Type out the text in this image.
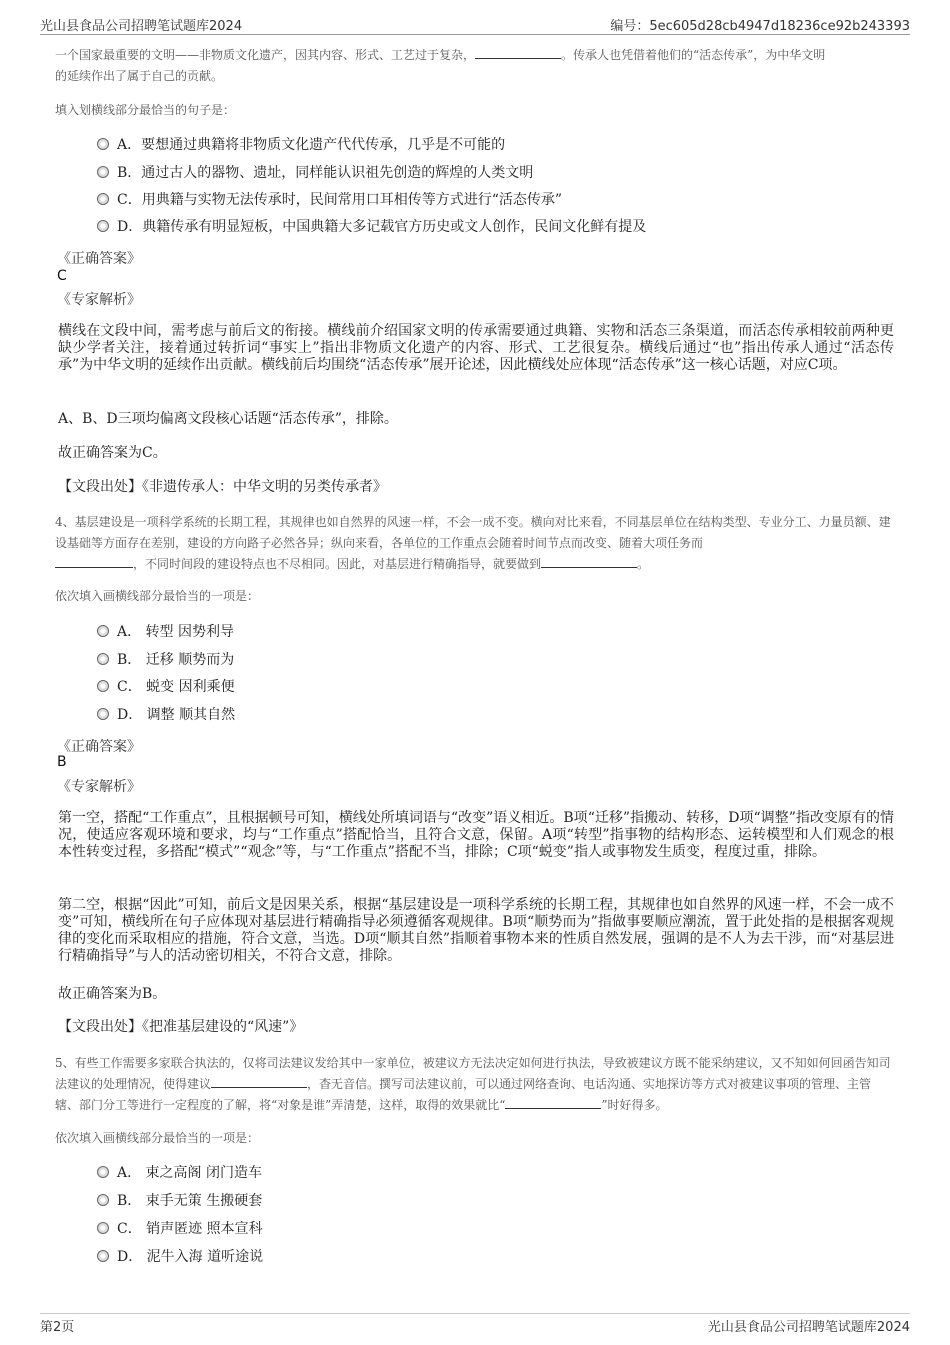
光山县食品公司招聘笔试题库2024	编号：5ec605d28cb4947d18236ce92b243393
一个国家最重要的文明——非物质文化遗产，因其内容、形式、工艺过于复杂，	。传承人也凭借着他们的“活态传承”，为中华文明
的延续作出了属于自己的贡献。
填入划横线部分最恰当的句子是：
A．要想通过典籍将非物质文化遗产代代传承，几乎是不可能的
B．通过古人的器物、遗址，同样能认识祖先创造的辉煌的人类文明
C．用典籍与实物无法传承时，民间常用口耳相传等方式进行“活态传承”
D．典籍传承有明显短板，中国典籍大多记载官方历史或文人创作，民间文化鲜有提及
《正确答案》
C
《专家解析》
横线在文段中间，需考虑与前后文的衔接。横线前介绍国家文明的传承需要通过典籍、实物和活态三条渠道，而活态传承相较前两种更缺少学者关注，接着通过转折词“事实上”指出非物质文化遗产的内容、形式、工艺很复杂。横线后通过“也”指出传承人通过“活态传承”为中华文明的延续作出贡献。横线前后均围绕“活态传承”展开论述，因此横线处应体现“活态传承”这一核心话题，对应C项。
A、B、D三项均偏离文段核心话题“活态传承”，排除。
故正确答案为C。
【文段出处】《非遗传承人：中华文明的另类传承者》
4、基层建设是一项科学系统的长期工程，其规律也如自然界的风速一样，不会一成不变。横向对比来看，不同基层单位在结构类型、专业分工、力量员额、建设基础等方面存在差别，建设的方向路子必然各异；纵向来看，各单位的工作重点会随着时间节点而改变、随着大项任务而
，不同时间段的建设特点也不尽相同。因此，对基层进行精确指导，就要做到	。
依次填入画横线部分最恰当的一项是：
A． 转型 因势利导
B． 迁移 顺势而为
C． 蜕变 因利乘便
D． 调整 顺其自然
《正确答案》
B
《专家解析》
第一空，搭配“工作重点”，且根据顿号可知，横线处所填词语与“改变”语义相近。B项“迁移”指搬动、转移，D项“调整”指改变原有的情况，使适应客观环境和要求，均与“工作重点”搭配恰当，且符合文意，保留。A项“转型”指事物的结构形态、运转模型和人们观念的根本性转变过程，多搭配“模式”“观念”等，与“工作重点”搭配不当，排除；C项“蜕变”指人或事物发生质变，程度过重，排除。
第二空，根据“因此”可知，前后文是因果关系，根据“基层建设是一项科学系统的长期工程，其规律也如自然界的风速一样，不会一成不变”可知，横线所在句子应体现对基层进行精确指导必须遵循客观规律。B项“顺势而为”指做事要顺应潮流，置于此处指的是根据客观规律的变化而采取相应的措施，符合文意，当选。D项“顺其自然”指顺着事物本来的性质自然发展，强调的是不人为去干涉，而“对基层进行精确指导”与人的活动密切相关，不符合文意，排除。
故正确答案为B。
【文段出处】《把准基层建设的“风速”》
5、有些工作需要多家联合执法的，仅将司法建议发给其中一家单位，被建议方无法决定如何进行执法，导致被建议方既不能采纳建议，又不知如何回函告知司法建议的处理情况，使得建议	，杳无音信。撰写司法建议前，可以通过网络查询、电话沟通、实地探访等方式对被建议事项的管理、主管辖、部门分工等进行一定程度的了解，将“对象是谁”弄清楚，这样，取得的效果就比“	”时好得多。
依次填入画横线部分最恰当的一项是：
A． 束之高阁 闭门造车
B． 束手无策 生搬硬套
C． 销声匿迹 照本宣科
D． 泥牛入海 道听途说
第2页	光山县食品公司招聘笔试题库2024
